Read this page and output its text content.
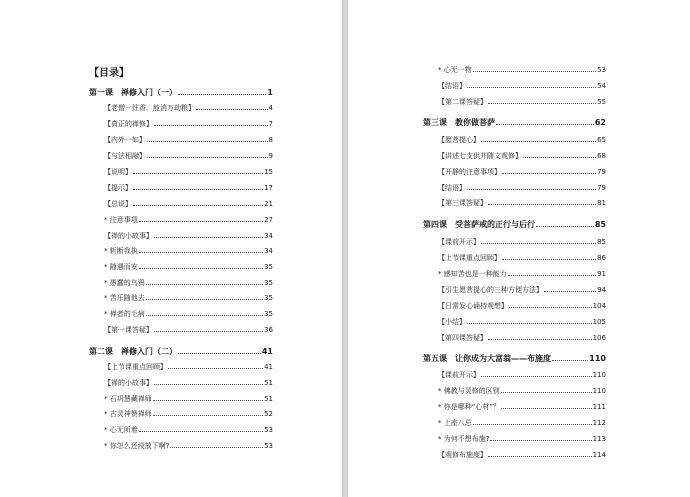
【目录】
第一课　禅修入门（一）	1
【老僧一炷香，能消万劫粮】	4
【真正的禅修】	7
【内外一如】	8
【与法相融】	9
【说明】	15
【提示】	17
【总说】	21
* 注意事项	27
【禅的小故事】	34
* 斩断我执	34
* 随遇而安	35
* 愚蠢的乌鸦	35
* 苦乐随他去	35
* 禅者的毛病	35
【第一课答疑】	36
第二课　禅修入门（二）	41
【上节课重点回顾】	41
【禅的小故事】	51
* 石巩慧藏禅师	51
* 古灵神赞禅师	52
* 心无所着	53
* 你怎么还没放下啊?	53
* 心无一物	53
【结语】	54
【第二课答疑】	55
第三课　教你做菩萨	62
【愿菩提心】	65
【讲述七支供并随文观修】	68
【开静的注意事项】	79
【结语】	79
【第三课答疑】	81
第四课　受菩萨戒的正行与后行	85
【课前开示】	85
【上节课重点回顾】	86
* 感知苦也是一种能力	91
【引生愿菩提心的三种方便方法】	94
【日常发心诵持观想】	104
【小结】	105
【第四课答疑】	106
第五课　让你成为大富翁——布施度	110
【课前开示】	110
* 佛教与灵修的区别	110
* 你是哪种“心材”？	111
* 上座八忌	112
* 为何不想布施?	113
【观修布施度】	114
